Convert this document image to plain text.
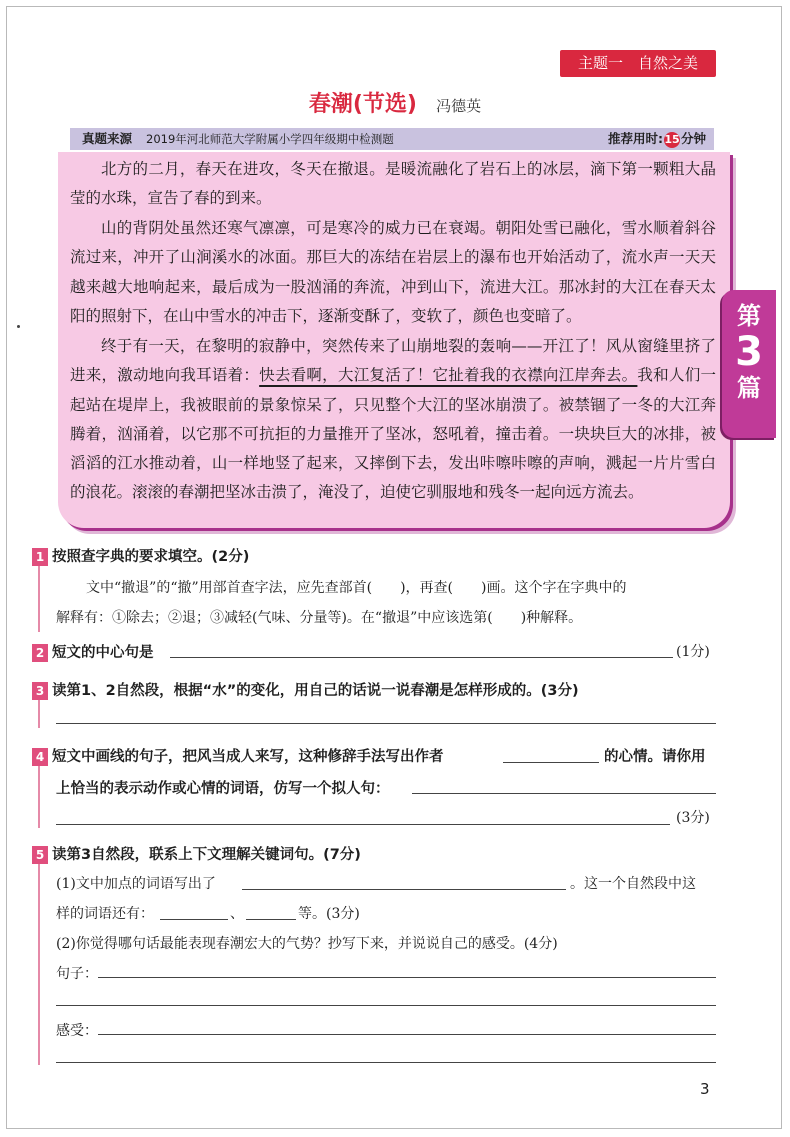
主题一　自然之美
春潮(节选) 冯德英
真题来源 2019年河北师范大学附属小学四年级期中检测题	推荐用时:15分钟

北方的二月，春天在进攻，冬天在撤退。是暖流融化了岩石上的冰层，滴下第一颗粗大晶莹的水珠，宣告了春的到来。

山的背阴处虽然还寒气凛凛，可是寒冷的威力已在衰竭。朝阳处雪已融化，雪水顺着斜谷流过来，冲开了山涧溪水的冰面。那巨大的冻结在岩层上的瀑布也开始活动了，流水声一天天越来越大地响起来，最后成为一股汹涌的奔流，冲到山下，流进大江。那冰封的大江在春天太阳的照射下，在山中雪水的冲击下，逐渐变酥了，变软了，颜色也变暗了。

终于有一天，在黎明的寂静中，突然传来了山崩地裂的轰响——开江了！风从窗缝里挤了进来，激动地向我耳语着：快去看啊，大江复活了！它扯着我的衣襟向江岸奔去。我和人们一起站在堤岸上，我被眼前的景象惊呆了，只见整个大江的坚冰崩溃了。被禁锢了一冬的大江奔腾着，汹涌着，以它那不可抗拒的力量推开了坚冰，怒吼着，撞击着。一块块巨大的冰排，被滔滔的江水推动着，山一样地竖了起来，又摔倒下去，发出咔嚓咔嚓的声响，溅起一片片雪白的浪花。滚滚的春潮把坚冰击溃了，淹没了，迫使它驯服地和残冬一起向远方流去。

第
3
篇
1 按照查字典的要求填空。(2分)
文中“撤退”的“撤”用部首查字法，应先查部首(　　)，再查(　　)画。这个字在字典中的
解释有：①除去；②退；③减轻(气味、分量等)。在“撤退”中应该选第(　　)种解释。
2 短文的中心句是	(1分)
3 读第1、2自然段，根据“水”的变化，用自己的话说一说春潮是怎样形成的。(3分)
4 短文中画线的句子，把风当成人来写，这种修辞手法写出作者	的心情。请你用
上恰当的表示动作或心情的词语，仿写一个拟人句：
(3分)
5 读第3自然段，联系上下文理解关键词句。(7分)
(1)文中加点的词语写出了	。这一个自然段中这
样的词语还有：	、	等。(3分)
(2)你觉得哪句话最能表现春潮宏大的气势？抄写下来，并说说自己的感受。(4分)
句子：
感受：
3
